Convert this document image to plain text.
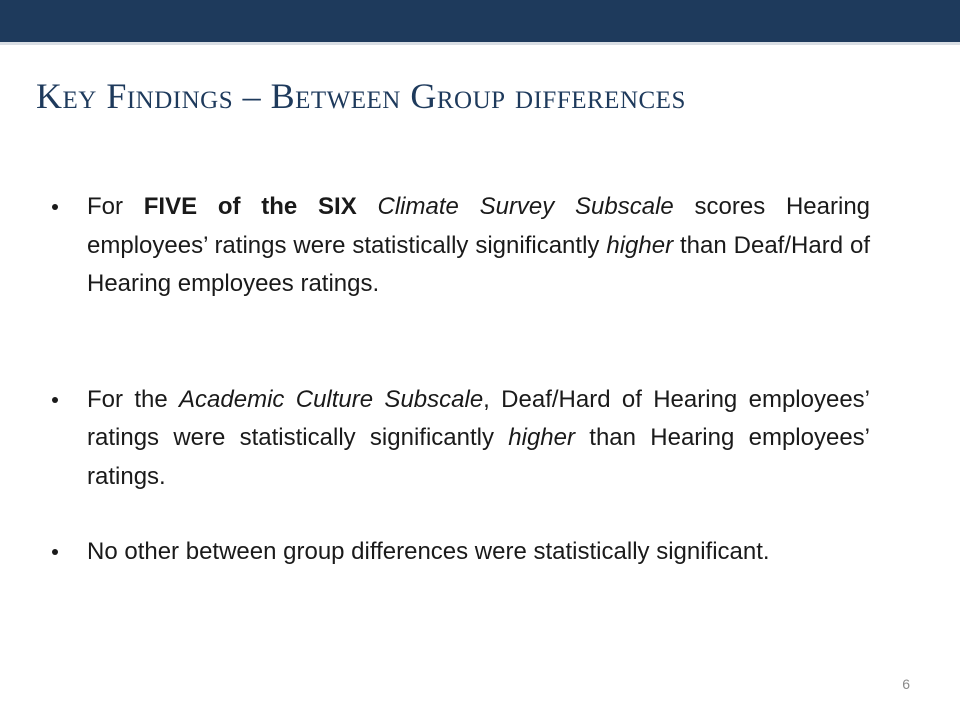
Key Findings – Between Group differences
For FIVE of the SIX Climate Survey Subscale scores Hearing employees’ ratings were statistically significantly higher than Deaf/Hard of Hearing employees ratings.
For the Academic Culture Subscale, Deaf/Hard of Hearing employees’ ratings were statistically significantly higher than Hearing employees’ ratings.
No other between group differences were statistically significant.
6
